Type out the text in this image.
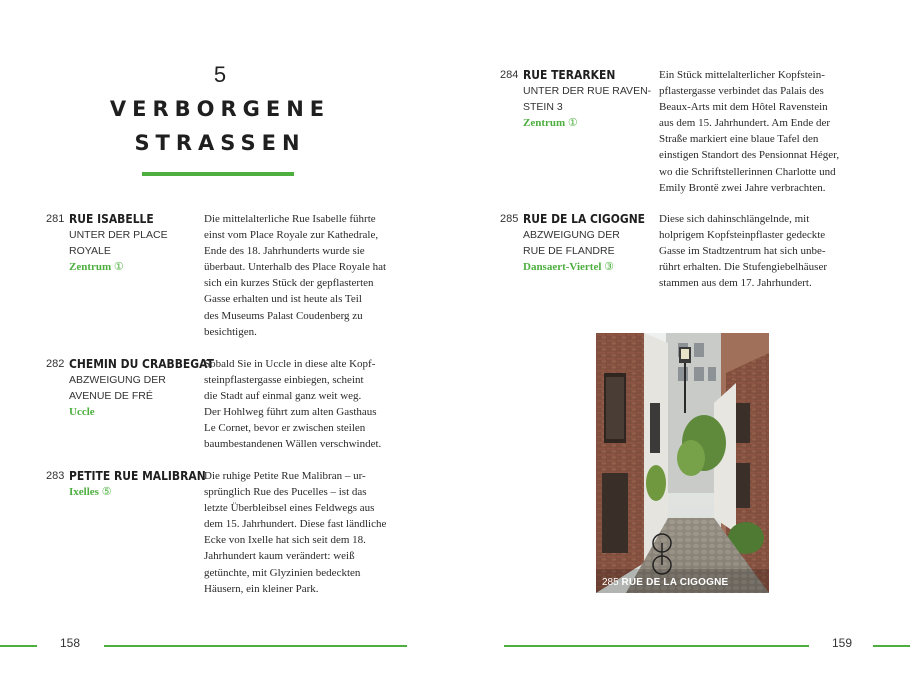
5
VERBORGENE
STRASSEN
281 RUE ISABELLE
UNTER DER PLACE ROYALE
Zentrum ①
Die mittelalterliche Rue Isabelle führte
einst vom Place Royale zur Kathedrale,
Ende des 18. Jahrhunderts wurde sie
überbaut. Unterhalb des Place Royale hat
sich ein kurzes Stück der gepflasterten
Gasse erhalten und ist heute als Teil
des Museums Palast Coudenberg zu
besichtigen.
282 CHEMIN DU CRABBEGAT
ABZWEIGUNG DER
AVENUE DE FRÉ
Uccle
Sobald Sie in Uccle in diese alte Kopf-
steinpflastergasse einbiegen, scheint
die Stadt auf einmal ganz weit weg.
Der Hohlweg führt zum alten Gasthaus
Le Cornet, bevor er zwischen steilen
baumbestandenen Wällen verschwindet.
283 PETITE RUE MALIBRAN
Ixelles ⑤
Die ruhige Petite Rue Malibran – ur-
sprünglich Rue des Pucelles – ist das
letzte Überbleibsel eines Feldwegs aus
dem 15. Jahrhundert. Diese fast ländliche
Ecke von Ixelle hat sich seit dem 18.
Jahrhundert kaum verändert: weiß
getünchte, mit Glyzinien bedeckten
Häusern, ein kleiner Park.
284 RUE TERARKEN
UNTER DER RUE RAVEN-
STEIN 3
Zentrum ①
Ein Stück mittelalterlicher Kopfstein-
pflastergasse verbindet das Palais des
Beaux-Arts mit dem Hôtel Ravenstein
aus dem 15. Jahrhundert. Am Ende der
Straße markiert eine blaue Tafel den
einstigen Standort des Pensionnat Héger,
wo die Schriftstellerinnen Charlotte und
Emily Brontë zwei Jahre verbrachten.
285 RUE DE LA CIGOGNE
ABZWEIGUNG DER
RUE DE FLANDRE
Dansaert-Viertel ③
Diese sich dahinschlängelnde, mit
holprigem Kopfsteinpflaster gedeckte
Gasse im Stadtzentrum hat sich unbe-
rührt erhalten. Die Stufengiebelhäuser
stammen aus dem 17. Jahrhundert.
285 RUE DE LA CIGOGNE
158	159
